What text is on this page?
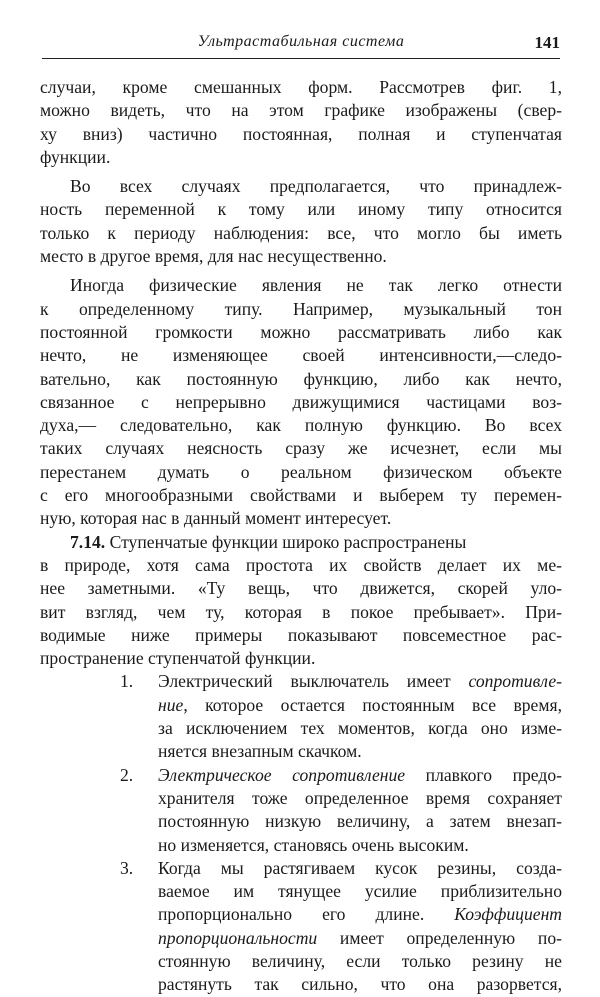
Ультрастабильная система	141
случаи, кроме смешанных форм. Рассмотрев фиг. 1,
можно видеть, что на этом графике изображены (свер-
ху вниз) частично постоянная, полная и ступенчатая
функции.
Во всех случаях предполагается, что принадлеж-
ность переменной к тому или иному типу относится
только к периоду наблюдения: все, что могло бы иметь
место в другое время, для нас несущественно.
Иногда физические явления не так легко отнести
к определенному типу. Например, музыкальный тон
постоянной громкости можно рассматривать либо как
нечто, не изменяющее своей интенсивности,—следо-
вательно, как постоянную функцию, либо как нечто,
связанное с непрерывно движущимися частицами воз-
духа,— следовательно, как полную функцию. Во всех
таких случаях неясность сразу же исчезнет, если мы
перестанем думать о реальном физическом объекте
с его многообразными свойствами и выберем ту перемен-
ную, которая нас в данный момент интересует.
7.14. Ступенчатые функции широко распространены
в природе, хотя сама простота их свойств делает их ме-
нее заметными. «Ту вещь, что движется, скорей уло-
вит взгляд, чем ту, которая в покое пребывает». При-
водимые ниже примеры показывают повсеместное рас-
пространение ступенчатой функции.
1. Электрический выключатель имеет сопротивле-
ние, которое остается постоянным все время,
за исключением тех моментов, когда оно изме-
няется внезапным скачком.
2. Электрическое сопротивление плавкого предо-
хранителя тоже определенное время сохраняет
постоянную низкую величину, а затем внезап-
но изменяется, становясь очень высоким.
3. Когда мы растягиваем кусок резины, созда-
ваемое им тянущее усилие приблизительно
пропорционально его длине. Коэффициент
пропорциональности имеет определенную по-
стоянную величину, если только резину не
растянуть так сильно, что она разорвется,
